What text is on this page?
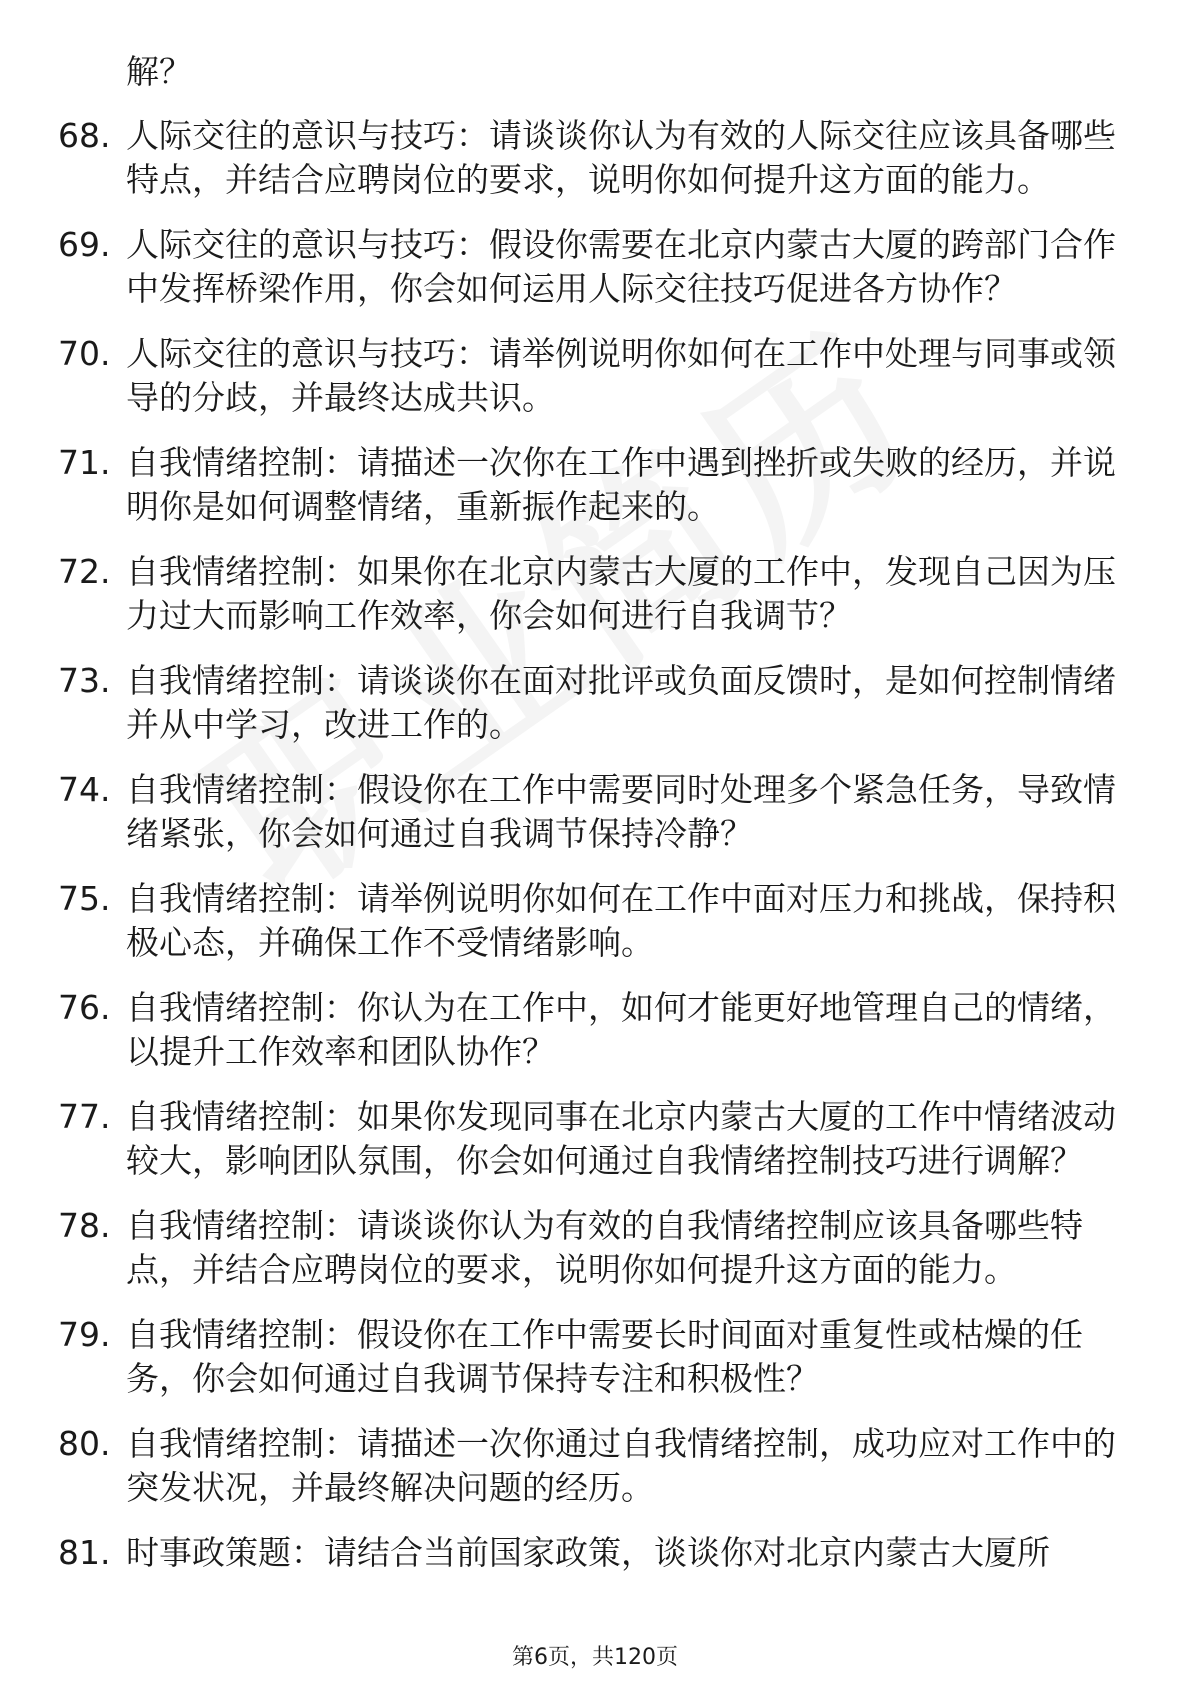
解？
68. 人际交往的意识与技巧：请谈谈你认为有效的人际交往应该具备哪些特点，并结合应聘岗位的要求，说明你如何提升这方面的能力。
69. 人际交往的意识与技巧：假设你需要在北京内蒙古大厦的跨部门合作中发挥桥梁作用，你会如何运用人际交往技巧促进各方协作？
70. 人际交往的意识与技巧：请举例说明你如何在工作中处理与同事或领导的分歧，并最终达成共识。
71. 自我情绪控制：请描述一次你在工作中遇到挫折或失败的经历，并说明你是如何调整情绪，重新振作起来的。
72. 自我情绪控制：如果你在北京内蒙古大厦的工作中，发现自己因为压力过大而影响工作效率，你会如何进行自我调节？
73. 自我情绪控制：请谈谈你在面对批评或负面反馈时，是如何控制情绪并从中学习，改进工作的。
74. 自我情绪控制：假设你在工作中需要同时处理多个紧急任务，导致情绪紧张，你会如何通过自我调节保持冷静？
75. 自我情绪控制：请举例说明你如何在工作中面对压力和挑战，保持积极心态，并确保工作不受情绪影响。
76. 自我情绪控制：你认为在工作中，如何才能更好地管理自己的情绪，以提升工作效率和团队协作？
77. 自我情绪控制：如果你发现同事在北京内蒙古大厦的工作中情绪波动较大，影响团队氛围，你会如何通过自我情绪控制技巧进行调解？
78. 自我情绪控制：请谈谈你认为有效的自我情绪控制应该具备哪些特点，并结合应聘岗位的要求，说明你如何提升这方面的能力。
79. 自我情绪控制：假设你在工作中需要长时间面对重复性或枯燥的任务，你会如何通过自我调节保持专注和积极性？
80. 自我情绪控制：请描述一次你通过自我情绪控制，成功应对工作中的突发状况，并最终解决问题的经历。
81. 时事政策题：请结合当前国家政策，谈谈你对北京内蒙古大厦所
第6页，共120页
